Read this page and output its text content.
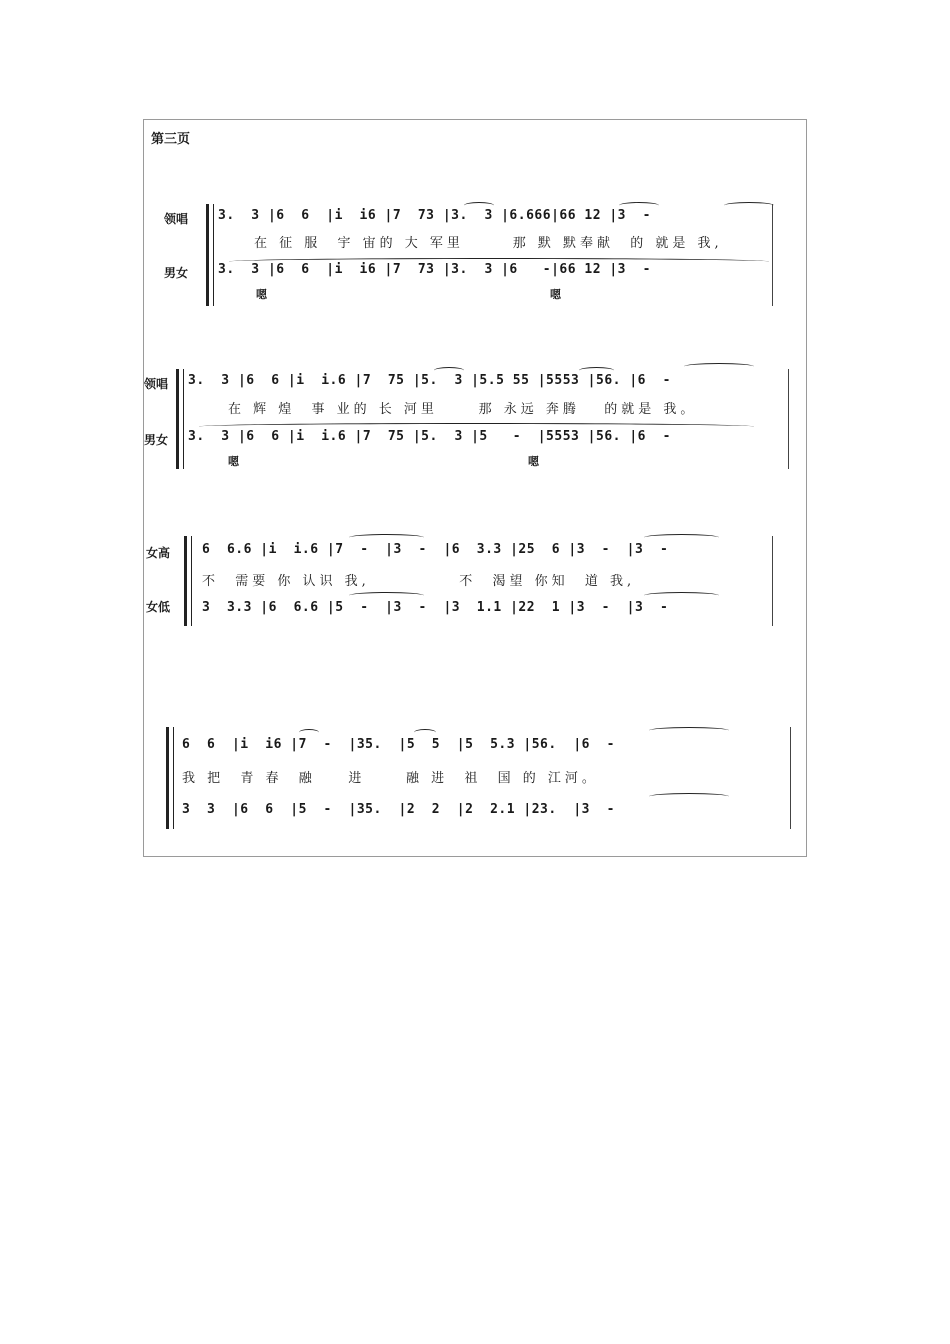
第三页
领唱 3.  3 |6  6  |i  i6 |7  73 |3.  3 |6.666|66 12 |3  -
在 征 服  宇 宙的 大 军里      那 默 默奉献  的 就是 我,
男女 3.  3 |6  6  |i  i6 |7  73 |3.  3 |6   -|66 12 |3  -
嗯	嗯
领唱 3.  3 |6  6 |i  i.6 |7  75 |5.  3 |5.5 55 |5553 |56. |6  -
在 辉 煌  事 业的 长 河里     那 永远 奔腾   的就是 我。
男女 3.  3 |6  6 |i  i.6 |7  75 |5.  3 |5   -  |5553 |56. |6  -
嗯	嗯
女高 6  6.6 |i  i.6 |7  -  |3  -  |6  3.3 |25  6 |3  -  |3  -
不  需要 你 认识 我,           不  渴望 你知  道 我,
女低 3  3.3 |6  6.6 |5  -  |3  -  |3  1.1 |22  1 |3  -  |3  -
6  6  |i  i6 |7  -  |35.  |5  5  |5  5.3 |56.  |6  -
我 把  青 春  融    进     融 进  祖  国 的 江河。
3  3  |6  6  |5  -  |35.  |2  2  |2  2.1 |23.  |3  -
